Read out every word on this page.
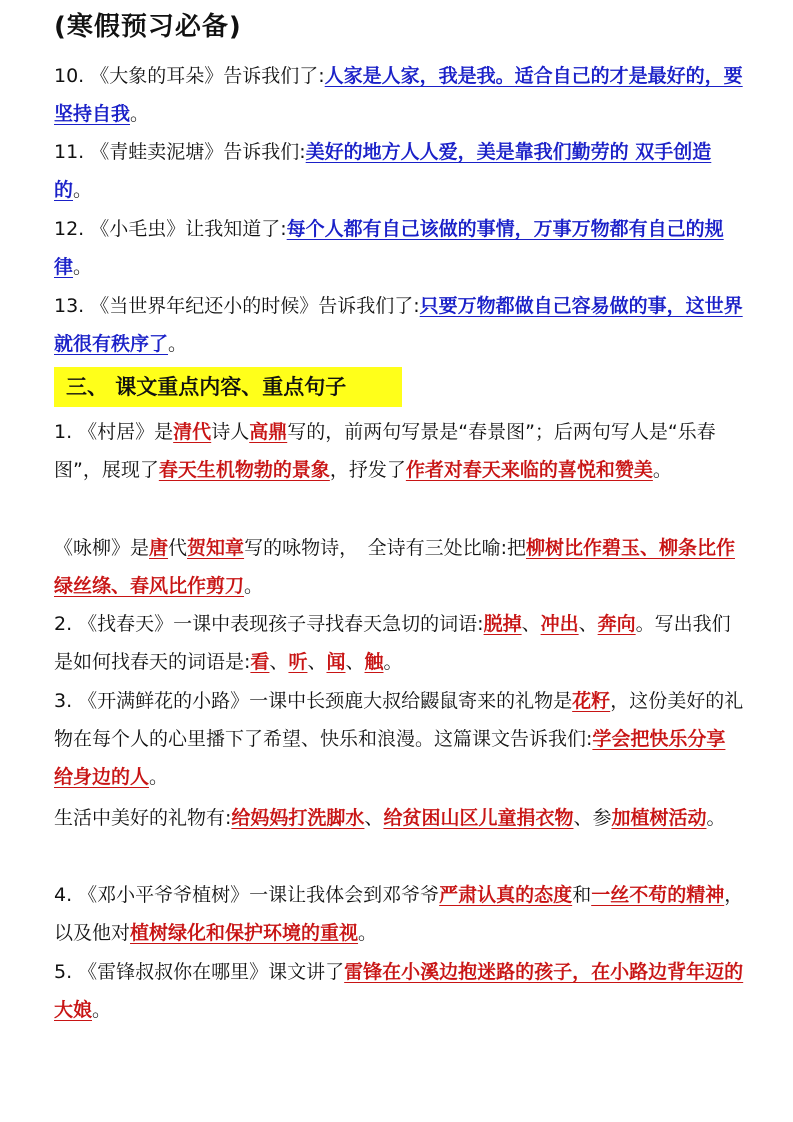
(寒假预习必备)
10. 《大象的耳朵》告诉我们了:人家是人家，我是我。适合自己的才是最好的，要坚持自我。
11. 《青蛙卖泥塘》告诉我们:美好的地方人人爱，美是靠我们勤劳的 双手创造的。
12. 《小毛虫》让我知道了:每个人都有自己该做的事情，万事万物都有自己的规律。
13. 《当世界年纪还小的时候》告诉我们了:只要万物都做自己容易做的事，这世界就很有秩序了。
三、 课文重点内容、重点句子
1. 《村居》是清代诗人高鼎写的，前两句写景是“春景图”；后两句写人是“乐春图”，展现了春天生机物勃的景象，抒发了作者对春天来临的喜悦和赞美。
《咏柳》是唐代贺知章写的咏物诗，　全诗有三处比喻:把柳树比作碧玉、柳条比作绿丝绦、春风比作剪刀。
2. 《找春天》一课中表现孩子寻找春天急切的词语:脱掉、冲出、奔向。写出我们是如何找春天的词语是:看、听、闻、触。
3. 《开满鲜花的小路》一课中长颈鹿大叔给鼹鼠寄来的礼物是花籽，这份美好的礼物在每个人的心里播下了希望、快乐和浪漫。这篇课文告诉我们:学会把快乐分享给身边的人。
生活中美好的礼物有:给妈妈打洗脚水、给贫困山区儿童捐衣物、参加植树活动。
4. 《邓小平爷爷植树》一课让我体会到邓爷爷严肃认真的态度和一丝不苟的精神，以及他对植树绿化和保护环境的重视。
5. 《雷锋叔叔你在哪里》课文讲了雷锋在小溪边抱迷路的孩子，在小路边背年迈的大娘。
